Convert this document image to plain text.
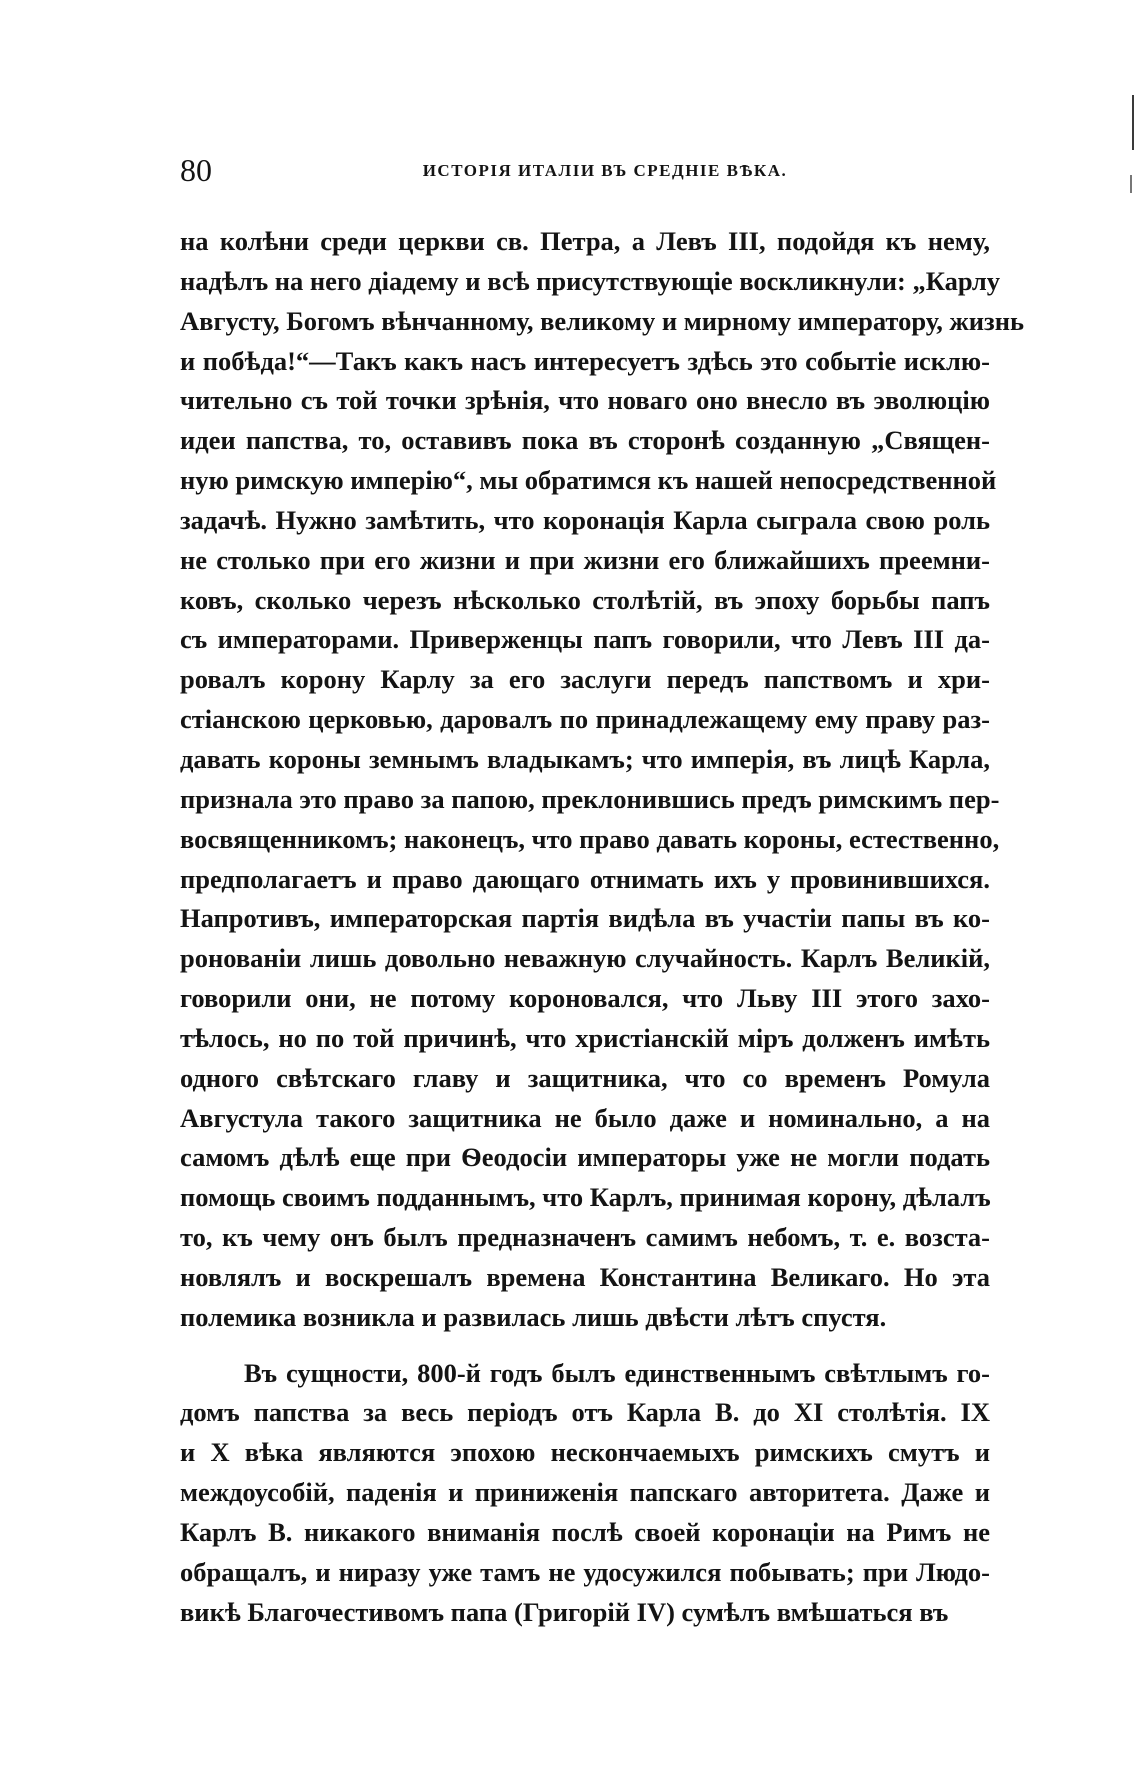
80	ИСТОРІЯ ИТАЛІИ ВЪ СРЕДНІЕ ВѢКА.
на колѣни среди церкви св. Петра, а Левъ III, подойдя къ нему,
надѣлъ на него діадему и всѣ присутствующіе воскликнули: „Карлу
Августу, Богомъ вѣнчанному, великому и мирному императору, жизнь
и побѣда!“—Такъ какъ насъ интересуетъ здѣсь это событіе исклю-
чительно съ той точки зрѣнія, что новаго оно внесло въ эволюцію
идеи папства, то, оставивъ пока въ сторонѣ созданную „Священ-
ную римскую имперію“, мы обратимся къ нашей непосредственной
задачѣ. Нужно замѣтить, что коронація Карла сыграла свою роль
не столько при его жизни и при жизни его ближайшихъ преемни-
ковъ, сколько черезъ нѣсколько столѣтій, въ эпоху борьбы папъ
съ императорами. Приверженцы папъ говорили, что Левъ III да-
ровалъ корону Карлу за его заслуги передъ папствомъ и хри-
стіанскою церковью, даровалъ по принадлежащему ему праву раз-
давать короны земнымъ владыкамъ; что имперія, въ лицѣ Карла,
признала это право за папою, преклонившись предъ римскимъ пер-
восвященникомъ; наконецъ, что право давать короны, естественно,
предполагаетъ и право дающаго отнимать ихъ у провинившихся.
Напротивъ, императорская партія видѣла въ участіи папы въ ко-
ронованіи лишь довольно неважную случайность. Карлъ Великій,
говорили они, не потому короновался, что Льву III этого захо-
тѣлось, но по той причинѣ, что христіанскій міръ долженъ имѣть
одного свѣтскаго главу и защитника, что со временъ Ромула
Августула такого защитника не было даже и номинально, а на
самомъ дѣлѣ еще при Ѳеодосіи императоры уже не могли подать
помощь своимъ подданнымъ, что Карлъ, принимая корону, дѣлалъ
то, къ чему онъ былъ предназначенъ самимъ небомъ, т. е. возста-
новлялъ и воскрешалъ времена Константина Великаго. Но эта
полемика возникла и развилась лишь двѣсти лѣтъ спустя.
Въ сущности, 800-й годъ былъ единственнымъ свѣтлымъ го-
домъ папства за весь періодъ отъ Карла В. до XI столѣтія. IX
и X вѣка являются эпохою нескончаемыхъ римскихъ смутъ и
междоусобій, паденія и приниженія папскаго авторитета. Даже и
Карлъ В. никакого вниманія послѣ своей коронаціи на Римъ не
обращалъ, и ниразу уже тамъ не удосужился побывать; при Людо-
викѣ Благочестивомъ папа (Григорій IV) сумѣлъ вмѣшаться въ
